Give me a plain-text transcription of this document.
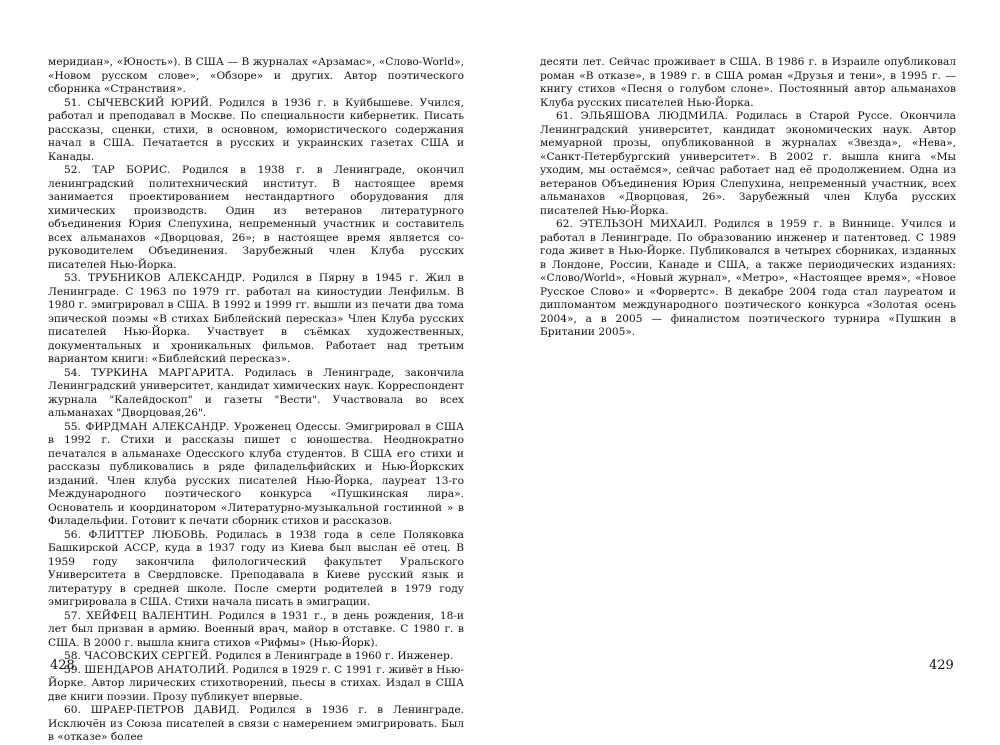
меридиан», «Юность»). В США — В журналах «Арзамас», «Слово-World», «Новом русском слове», «Обзоре» и других. Автор поэтического сборника «Странствия».

51. СЫЧЕВСКИЙ ЮРИЙ. Родился в 1936 г. в Куйбышеве. Учился, работал и преподавал в Москве. По специальности кибернетик. Писать рассказы, сценки, стихи, в основном, юмористического содержания начал в США. Печатается в русских и украинских газетах США и Канады.

52. ТАР БОРИС. Родился в 1938 г. в Ленинграде, окончил ленинградский политехнический институт. В настоящее время занимается проектированием нестандартного оборудования для химических производств. Один из ветеранов литературного объединения Юрия Слепухина, непременный участник и составитель всех альманахов «Дворцовая, 26»; в настоящее время является со-руководителем Объединения. Зарубежный член Клуба русских писателей Нью-Йорка.

53. ТРУБНИКОВ АЛЕКСАНДР. Родился в Пярну в 1945 г. Жил в Ленинграде. С 1963 по 1979 гг. работал на киностудии Ленфильм. В 1980 г. эмигрировал в США. В 1992 и 1999 гг. вышли из печати два тома эпической поэмы «В стихах Библейский пересказ» Член Клуба русских писателей Нью-Йорка. Участвует в съёмках художественных, документальных и хроникальных фильмов. Работает над третьим вариантом книги: «Библейский пересказ».

54. ТУРКИНА МАРГАРИТА. Родилась в Ленинграде, закончила Ленинградский университет, кандидат химических наук. Корреспондент журнала "Калейдоскоп" и газеты "Вести". Участвовала во всех альманахах "Дворцовая,26".

55. ФИРДМАН АЛЕКСАНДР. Уроженец Одессы. Эмигрировал в США в 1992 г. Стихи и рассказы пишет с юношества. Неоднократно печатался в альманахе Одесского клуба студентов. В США его стихи и рассказы публиковались в ряде филадельфийских и Нью-Йоркских изданий. Член клуба русских писателей Нью-Йорка, лауреат 13-го Международного поэтического конкурса «Пушкинская лира». Основатель и координатором «Литературно-музыкальной гостинной » в Филадельфии. Готовит к печати сборник стихов и рассказов.

56. ФЛИТТЕР ЛЮБОВЬ. Родилась в 1938 года в селе Поляковка Башкирской АССР, куда в 1937 году из Киева был выслан её отец. В 1959 году закончила филологический факультет Уральского Университета в Свердловске. Преподавала в Киеве русский язык и литературу в средней школе. После смерти родителей в 1979 году эмигрировала в США. Стихи начала писать в эмиграции.

57. ХЕЙФЕЦ ВАЛЕНТИН. Родился в 1931 г., в день рождения, 18-и лет был призван в армию. Военный врач, майор в отставке. С 1980 г. в США. В 2000 г. вышла книга стихов «Рифмы» (Нью-Йорк).

58. ЧАСОВСКИХ СЕРГЕЙ. Родился в Ленинграде в 1960 г. Инженер.

59. ШЕНДАРОВ АНАТОЛИЙ. Родился в 1929 г. С 1991 г. живёт в Нью-Йорке. Автор лирических стихотворений, пьесы в стихах. Издал в США две книги поэзии. Прозу публикует впервые.

60. ШРАЕР-ПЕТРОВ ДАВИД. Родился в 1936 г. в Ленинграде. Исключён из Союза писателей в связи с намерением эмигрировать. Был в «отказе» более

десяти лет. Сейчас проживает в США. В 1986 г. в Израиле опубликовал роман «В отказе», в 1989 г. в США роман «Друзья и тени», в 1995 г. — книгу стихов «Песня о голубом слоне». Постоянный автор альманахов Клуба русских писателей Нью-Йорка.

61. ЭЛЬЯШОВА ЛЮДМИЛА. Родилась в Старой Руссе. Окончила Ленинградский университет, кандидат экономических наук. Автор мемуарной прозы, опубликованной в журналах «Звезда», «Нева», «Санкт-Петербургский университет». В 2002 г. вышла книга «Мы уходим, мы остаёмся», сейчас работает над её продолжением. Одна из ветеранов Объединения Юрия Слепухина, непременный участник, всех альманахов «Дворцовая, 26». Зарубежный член Клуба русских писателей Нью-Йорка.

62. ЭТЕЛЬЗОН МИХАИЛ. Родился в 1959 г. в Виннице. Учился и работал в Ленинграде. По образованию инженер и патентовед. С 1989 года живет в Нью-Йорке. Публиковался в четырех сборниках, изданных в Лондоне, России, Канаде и США, а также периодических изданиях: «Слово/World», «Новый журнал», «Метро», «Настоящее время», «Новое Русское Слово» и «Форвертс». В декабре 2004 года стал лауреатом и дипломантом международного поэтического конкурса «Золотая осень 2004», а в 2005 — финалистом поэтического турнира «Пушкин в Британии 2005».

428	429
